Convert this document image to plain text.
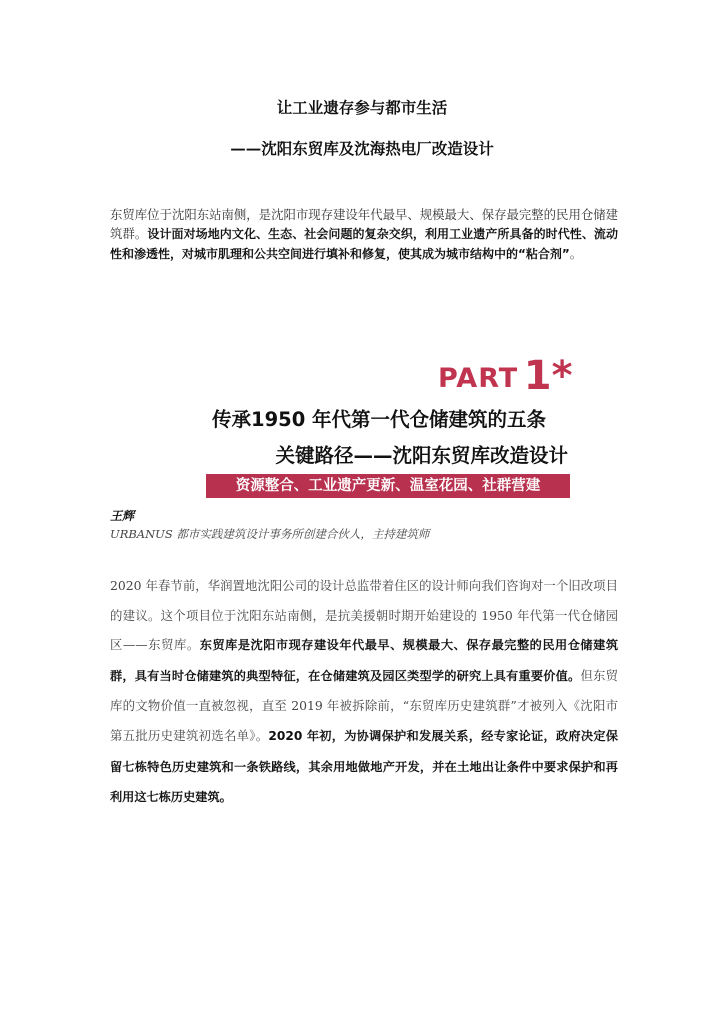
让工业遗存参与都市生活
——沈阳东贸库及沈海热电厂改造设计

东贸库位于沈阳东站南侧，是沈阳市现存建设年代最早、规模最大、保存最完整的民用仓储建筑群。设计面对场地内文化、生态、社会问题的复杂交织，利用工业遗产所具备的时代性、流动性和渗透性，对城市肌理和公共空间进行填补和修复，使其成为城市结构中的“粘合剂”。

PART 1*
传承1950 年代第一代仓储建筑的五条
关键路径——沈阳东贸库改造设计
资源整合、工业遗产更新、温室花园、社群营建

王辉

URBANUS 都市实践建筑设计事务所创建合伙人，主持建筑师

2020 年春节前，华润置地沈阳公司的设计总监带着住区的设计师向我们咨询对一个旧改项目的建议。这个项目位于沈阳东站南侧，是抗美援朝时期开始建设的 1950 年代第一代仓储园区——东贸库。东贸库是沈阳市现存建设年代最早、规模最大、保存最完整的民用仓储建筑群，具有当时仓储建筑的典型特征，在仓储建筑及园区类型学的研究上具有重要价值。但东贸库的文物价值一直被忽视，直至 2019 年被拆除前，“东贸库历史建筑群”才被列入《沈阳市第五批历史建筑初选名单》。2020 年初，为协调保护和发展关系，经专家论证，政府决定保留七栋特色历史建筑和一条铁路线，其余用地做地产开发，并在土地出让条件中要求保护和再利用这七栋历史建筑。
